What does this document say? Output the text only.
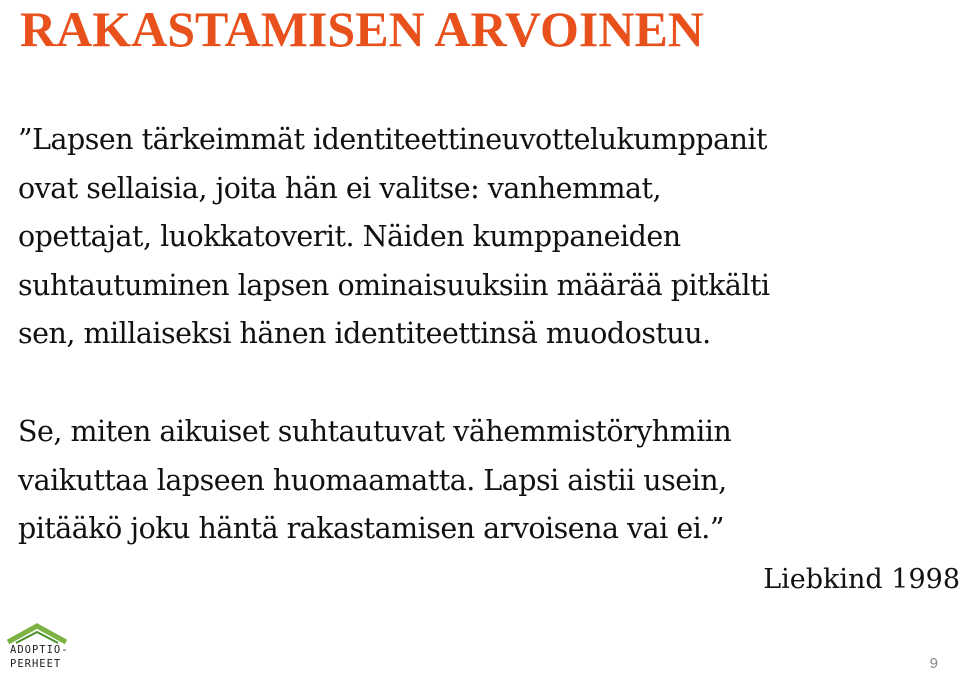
RAKASTAMISEN ARVOINEN
”Lapsen tärkeimmät identiteettineuvottelukumppanit
ovat sellaisia, joita hän ei valitse: vanhemmat,
opettajat, luokkatoverit. Näiden kumppaneiden
suhtautuminen lapsen ominaisuuksiin määrää pitkälti
sen, millaiseksi hänen identiteettinsä muodostuu.
Se, miten aikuiset suhtautuvat vähemmistöryhmiin
vaikuttaa lapseen huomaamatta. Lapsi aistii usein,
pitääkö joku häntä rakastamisen arvoisena vai ei.”
Liebkind 1998
ADOPTIO-
PERHEET	9
